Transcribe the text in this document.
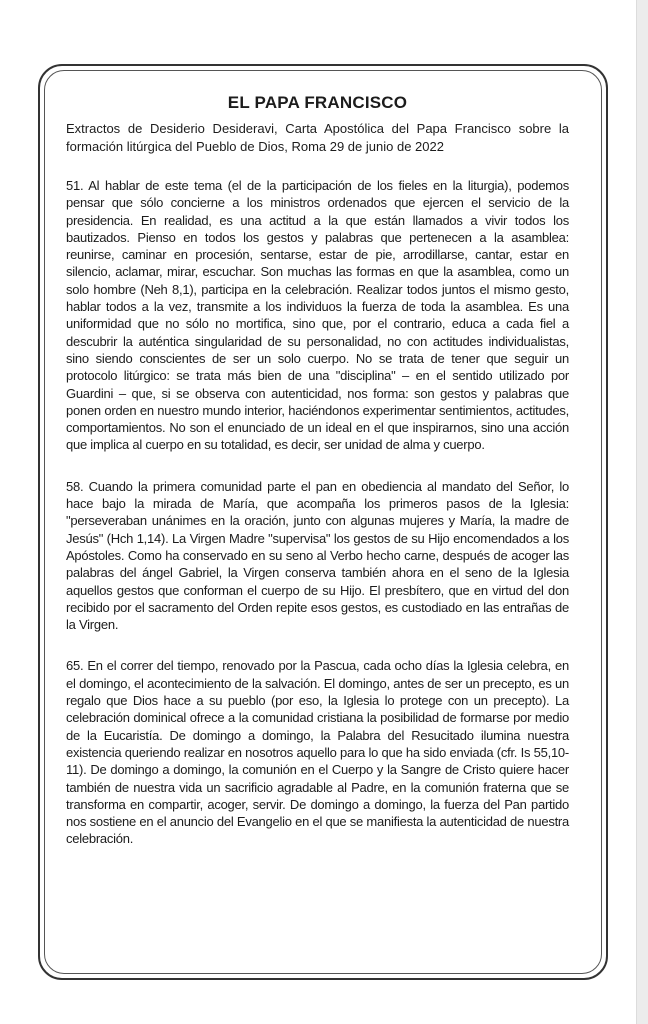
EL PAPA FRANCISCO
Extractos de Desiderio Desideravi, Carta Apostólica del Papa Francisco sobre la formación litúrgica del Pueblo de Dios, Roma 29 de junio de 2022

51. Al hablar de este tema (el de la participación de los fieles en la liturgia), podemos pensar que sólo concierne a los ministros ordenados que ejercen el servicio de la presidencia. En realidad, es una actitud a la que están llamados a vivir todos los bautizados. Pienso en todos los gestos y palabras que pertenecen a la asamblea: reunirse, caminar en procesión, sentarse, estar de pie, arrodillarse, cantar, estar en silencio, aclamar, mirar, escuchar. Son muchas las formas en que la asamblea, como un solo hombre (Neh 8,1), participa en la celebración. Realizar todos juntos el mismo gesto, hablar todos a la vez, transmite a los individuos la fuerza de toda la asamblea. Es una uniformidad que no sólo no mortifica, sino que, por el contrario, educa a cada fiel a descubrir la auténtica singularidad de su personalidad, no con actitudes individualistas, sino siendo conscientes de ser un solo cuerpo. No se trata de tener que seguir un protocolo litúrgico: se trata más bien de una "disciplina" – en el sentido utilizado por Guardini – que, si se observa con autenticidad, nos forma: son gestos y palabras que ponen orden en nuestro mundo interior, haciéndonos experimentar sentimientos, actitudes, comportamientos. No son el enunciado de un ideal en el que inspirarnos, sino una acción que implica al cuerpo en su totalidad, es decir, ser unidad de alma y cuerpo.

58. Cuando la primera comunidad parte el pan en obediencia al mandato del Señor, lo hace bajo la mirada de María, que acompaña los primeros pasos de la Iglesia: "perseveraban unánimes en la oración, junto con algunas mujeres y María, la madre de Jesús" (Hch 1,14). La Virgen Madre "supervisa" los gestos de su Hijo encomendados a los Apóstoles. Como ha conservado en su seno al Verbo hecho carne, después de acoger las palabras del ángel Gabriel, la Virgen conserva también ahora en el seno de la Iglesia aquellos gestos que conforman el cuerpo de su Hijo. El presbítero, que en virtud del don recibido por el sacramento del Orden repite esos gestos, es custodiado en las entrañas de la Virgen.

65. En el correr del tiempo, renovado por la Pascua, cada ocho días la Iglesia celebra, en el domingo, el acontecimiento de la salvación. El domingo, antes de ser un precepto, es un regalo que Dios hace a su pueblo (por eso, la Iglesia lo protege con un precepto). La celebración dominical ofrece a la comunidad cristiana la posibilidad de formarse por medio de la Eucaristía. De domingo a domingo, la Palabra del Resucitado ilumina nuestra existencia queriendo realizar en nosotros aquello para lo que ha sido enviada (cfr. Is 55,10-11). De domingo a domingo, la comunión en el Cuerpo y la Sangre de Cristo quiere hacer también de nuestra vida un sacrificio agradable al Padre, en la comunión fraterna que se transforma en compartir, acoger, servir. De domingo a domingo, la fuerza del Pan partido nos sostiene en el anuncio del Evangelio en el que se manifiesta la autenticidad de nuestra celebración.
